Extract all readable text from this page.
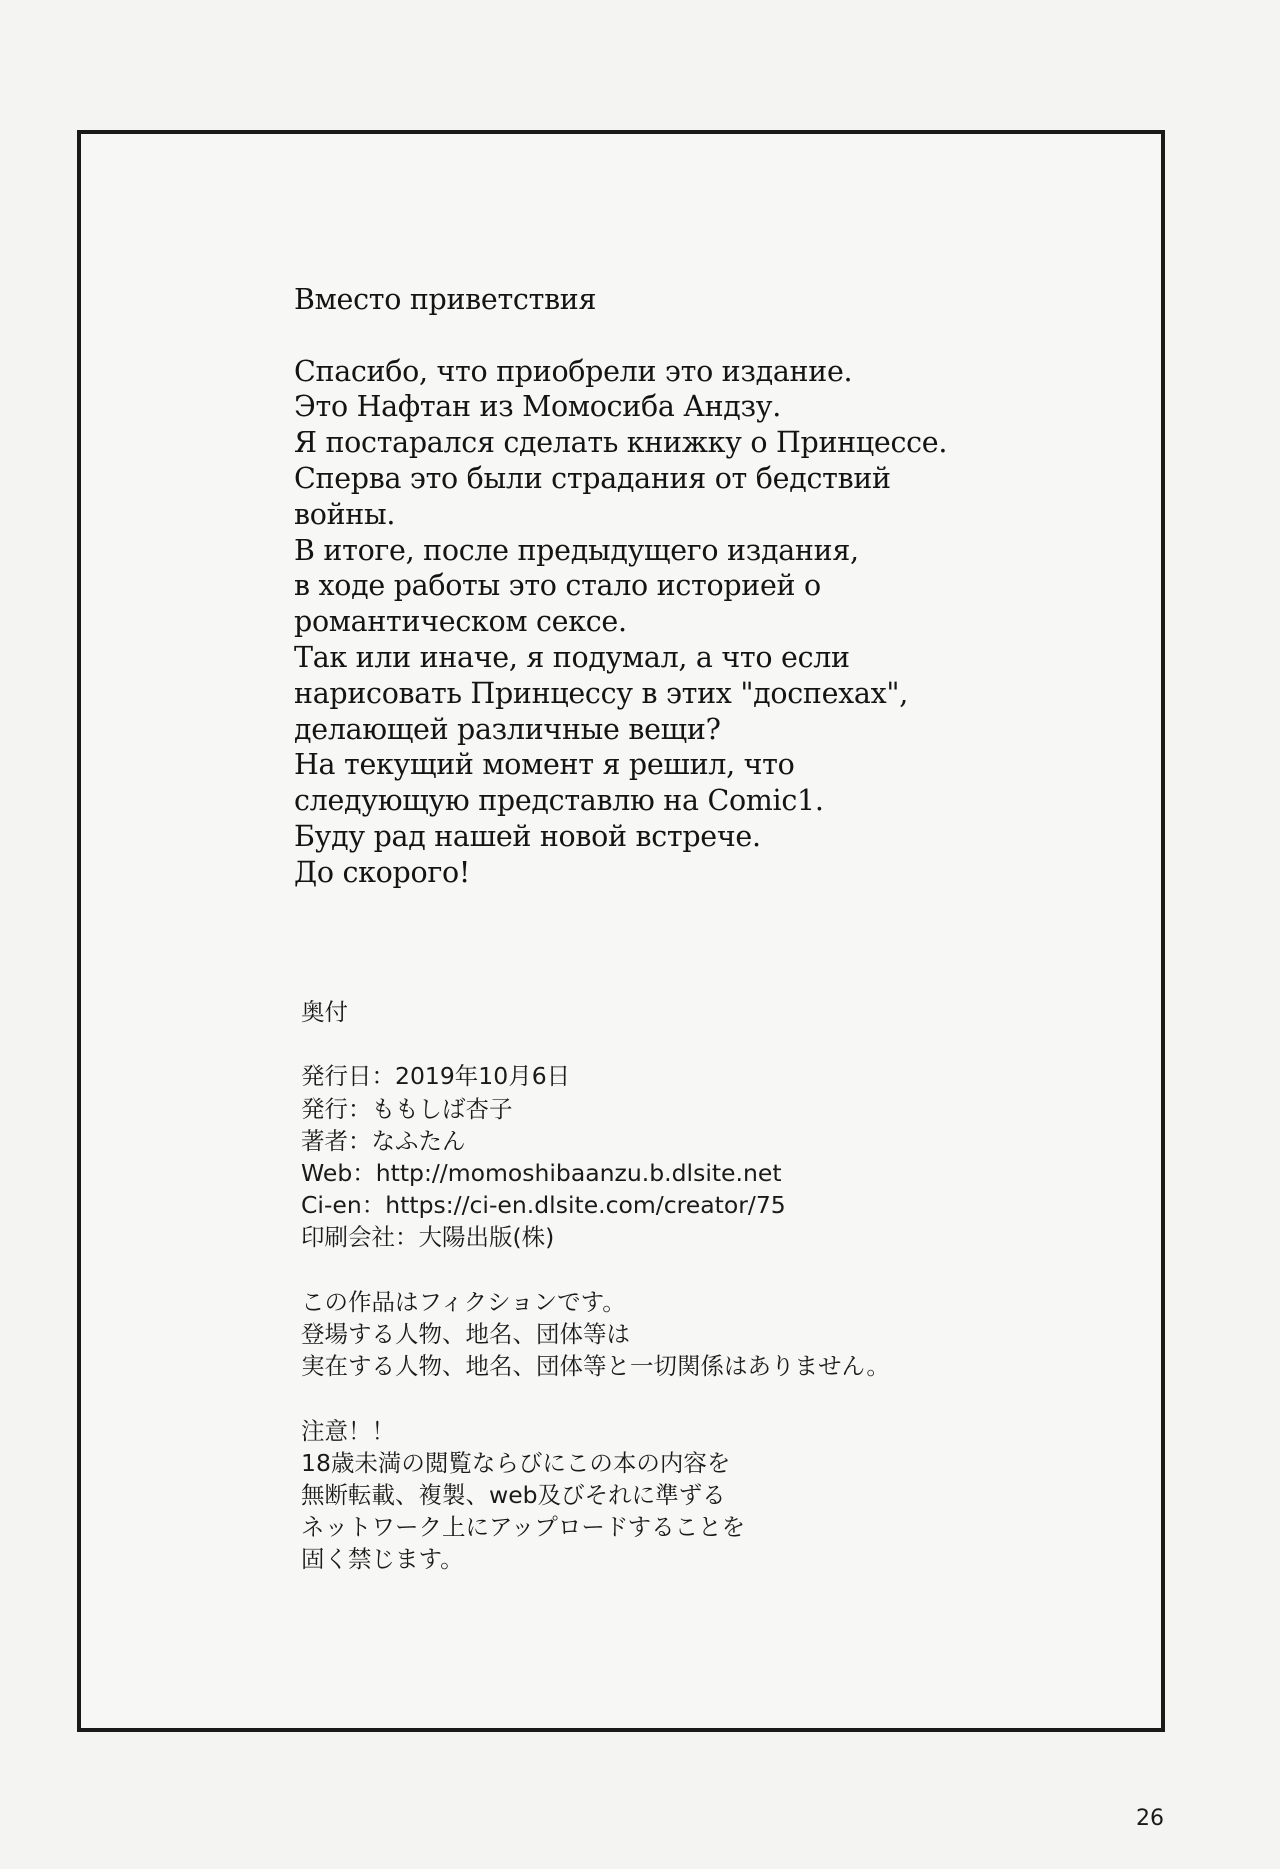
Вместо приветствия
Спасибо, что приобрели это издание.
Это Нафтан из Момосиба Андзу.
Я постарался сделать книжку о Принцессе.
Сперва это были страдания от бедствий
войны.
В итоге, после предыдущего издания,
в ходе работы это стало историей о
романтическом сексе.
Так или иначе, я подумал, а что если
нарисовать Принцессу в этих "доспехах",
делающей различные вещи?
На текущий момент я решил, что
следующую представлю на Comic1.
Буду рад нашей новой встрече.
До скорого!
奥付
発行日：2019年10月6日
発行：ももしば杏子
著者：なふたん
Web：http://momoshibaanzu.b.dlsite.net
Ci-en：https://ci-en.dlsite.com/creator/75
印刷会社：大陽出版(株)
この作品はフィクションです。
登場する人物、地名、団体等は
実在する人物、地名、団体等と一切関係はありません。
注意！！
18歳未満の閲覧ならびにこの本の内容を
無断転載、複製、web及びそれに準ずる
ネットワーク上にアップロードすることを
固く禁じます。
26
